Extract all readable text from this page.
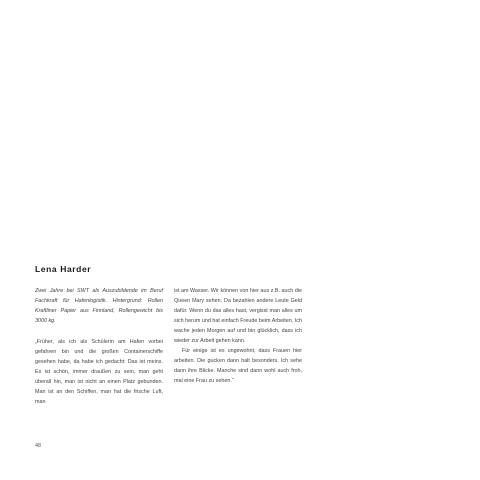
Lena Harder

Zwei Jahre bei SWT als Auszubildende im Beruf Fachkraft für Hafenlogistik. Hintergrund: Rollen Kraftliner Papier aus Finnland, Rollengewicht bis 3000 kg.

„Früher, als ich als Schülerin am Hafen vorbei gefahren bin und die großen Containerschiffe gesehen habe, da habe ich gedacht: Das ist meins. Es ist schön, immer draußen zu sein, man geht überall hin, man ist nicht an einen Platz gebunden. Man ist an den Schiffen, man hat die frische Luft, man

ist am Wasser. Wir können von hier aus z.B. auch die Queen Mary sehen. Da bezahlen andere Leute Geld dafür. Wenn du das alles hast, vergisst man alles um sich herum und hat einfach Freude beim Arbeiten. Ich wache jeden Morgen auf und bin glücklich, dass ich wieder zur Arbeit gehen kann.

Für einige ist es ungewohnt, dass Frauen hier arbeiten. Die gucken dann halt besonders. Ich sehe dann ihre Blicke. Manche sind dann wohl auch froh, mal eine Frau zu sehen.“

48
